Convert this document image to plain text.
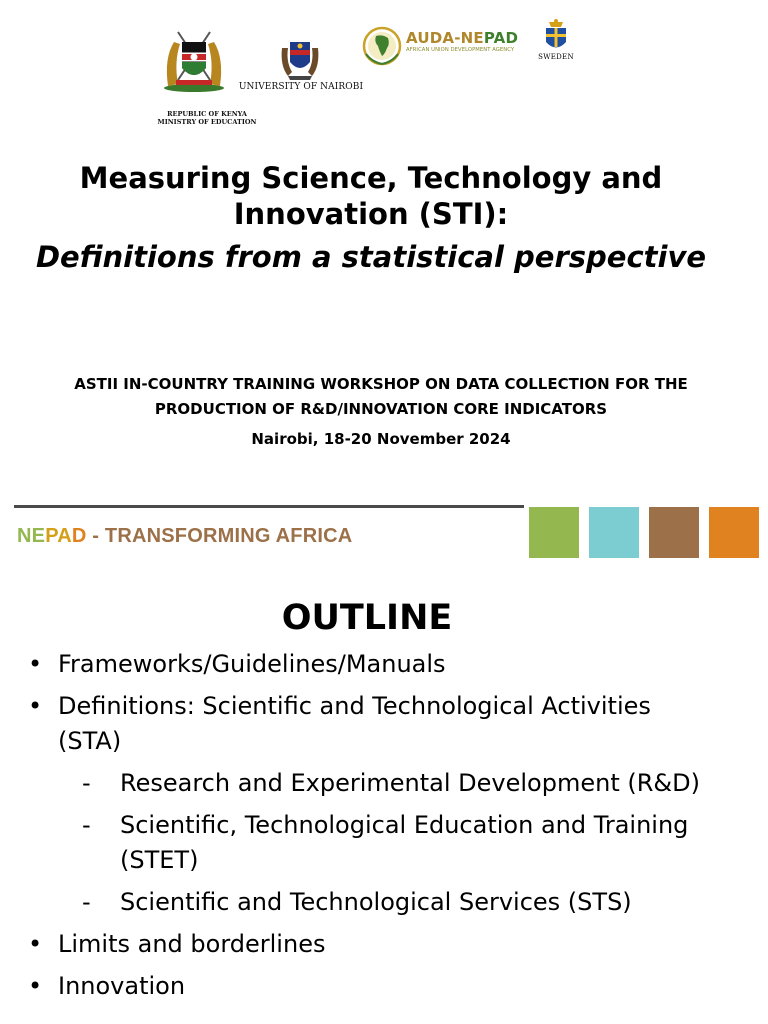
REPUBLIC OF KENYA
MINISTRY OF EDUCATION
UNIVERSITY OF NAIROBI
AUDA-NEPAD
AFRICAN UNION DEVELOPMENT AGENCY
SWEDEN
Measuring Science, Technology and
Innovation (STI):
Definitions from a statistical perspective
ASTII IN-COUNTRY TRAINING WORKSHOP ON DATA COLLECTION FOR THE
PRODUCTION OF R&D/INNOVATION CORE INDICATORS
Nairobi, 18-20 November 2024
NEPAD - TRANSFORMING AFRICA
OUTLINE
• Frameworks/Guidelines/Manuals
• Definitions: Scientific and Technological Activities (STA)
- Research and Experimental Development (R&D)
- Scientific, Technological Education and Training (STET)
- Scientific and Technological Services (STS)
• Limits and borderlines
• Innovation
